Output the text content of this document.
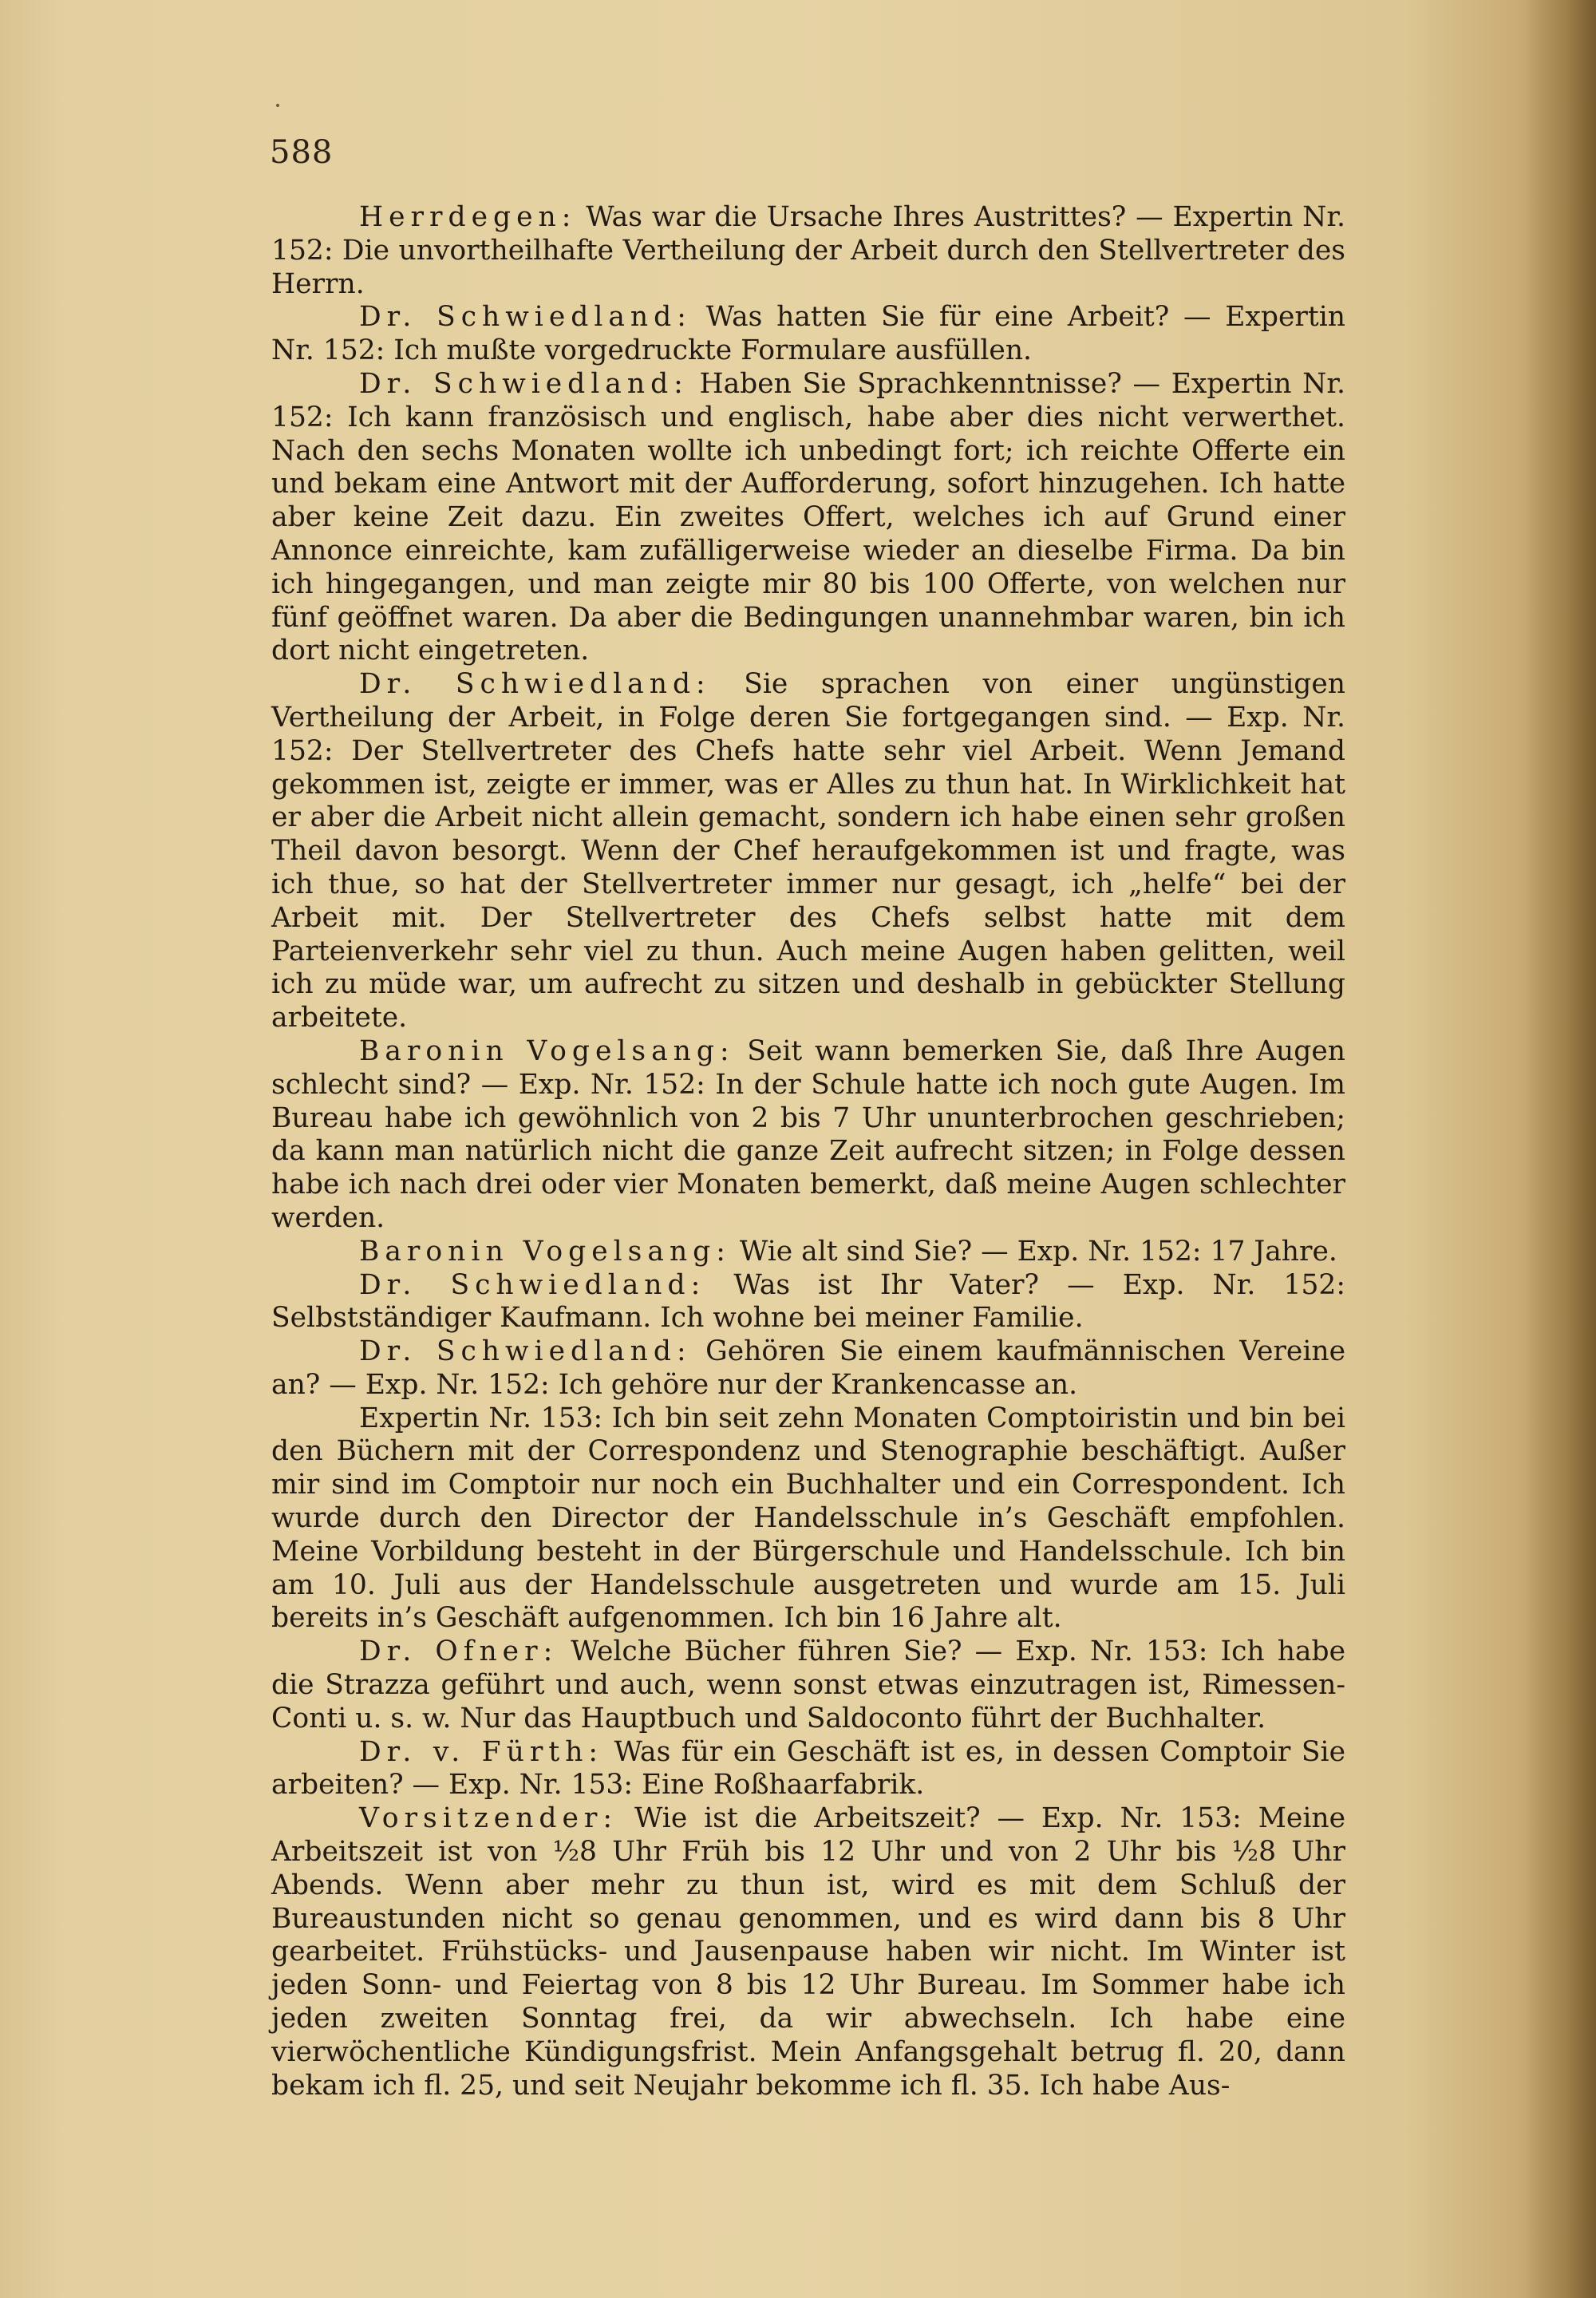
588

Herrdegen: Was war die Ursache Ihres Austrittes? — Expertin Nr. 152: Die unvortheilhafte Vertheilung der Arbeit durch den Stellvertreter des Herrn.

Dr. Schwiedland: Was hatten Sie für eine Arbeit? — Expertin Nr. 152: Ich mußte vorgedruckte Formulare ausfüllen.

Dr. Schwiedland: Haben Sie Sprachkenntnisse? — Expertin Nr. 152: Ich kann französisch und englisch, habe aber dies nicht verwerthet. Nach den sechs Monaten wollte ich unbedingt fort; ich reichte Offerte ein und bekam eine Antwort mit der Aufforderung, sofort hinzugehen. Ich hatte aber keine Zeit dazu. Ein zweites Offert, welches ich auf Grund einer Annonce einreichte, kam zufälligerweise wieder an dieselbe Firma. Da bin ich hingegangen, und man zeigte mir 80 bis 100 Offerte, von welchen nur fünf geöffnet waren. Da aber die Bedingungen unannehmbar waren, bin ich dort nicht eingetreten.

Dr. Schwiedland: Sie sprachen von einer ungünstigen Vertheilung der Arbeit, in Folge deren Sie fortgegangen sind. — Exp. Nr. 152: Der Stellvertreter des Chefs hatte sehr viel Arbeit. Wenn Jemand gekommen ist, zeigte er immer, was er Alles zu thun hat. In Wirklichkeit hat er aber die Arbeit nicht allein gemacht, sondern ich habe einen sehr großen Theil davon besorgt. Wenn der Chef heraufgekommen ist und fragte, was ich thue, so hat der Stellvertreter immer nur gesagt, ich „helfe“ bei der Arbeit mit. Der Stellvertreter des Chefs selbst hatte mit dem Parteienverkehr sehr viel zu thun. Auch meine Augen haben gelitten, weil ich zu müde war, um aufrecht zu sitzen und deshalb in gebückter Stellung arbeitete.

Baronin Vogelsang: Seit wann bemerken Sie, daß Ihre Augen schlecht sind? — Exp. Nr. 152: In der Schule hatte ich noch gute Augen. Im Bureau habe ich gewöhnlich von 2 bis 7 Uhr ununterbrochen geschrieben; da kann man natürlich nicht die ganze Zeit aufrecht sitzen; in Folge dessen habe ich nach drei oder vier Monaten bemerkt, daß meine Augen schlechter werden.

Baronin Vogelsang: Wie alt sind Sie? — Exp. Nr. 152: 17 Jahre.

Dr. Schwiedland: Was ist Ihr Vater? — Exp. Nr. 152: Selbstständiger Kaufmann. Ich wohne bei meiner Familie.

Dr. Schwiedland: Gehören Sie einem kaufmännischen Vereine an? — Exp. Nr. 152: Ich gehöre nur der Krankencasse an.

Expertin Nr. 153: Ich bin seit zehn Monaten Comptoiristin und bin bei den Büchern mit der Correspondenz und Stenographie beschäftigt. Außer mir sind im Comptoir nur noch ein Buchhalter und ein Correspondent. Ich wurde durch den Director der Handelsschule in’s Geschäft empfohlen. Meine Vorbildung besteht in der Bürgerschule und Handelsschule. Ich bin am 10. Juli aus der Handelsschule ausgetreten und wurde am 15. Juli bereits in’s Geschäft aufgenommen. Ich bin 16 Jahre alt.

Dr. Ofner: Welche Bücher führen Sie? — Exp. Nr. 153: Ich habe die Strazza geführt und auch, wenn sonst etwas einzutragen ist, Rimessen-Conti u. s. w. Nur das Hauptbuch und Saldoconto führt der Buchhalter.

Dr. v. Fürth: Was für ein Geschäft ist es, in dessen Comptoir Sie arbeiten? — Exp. Nr. 153: Eine Roßhaarfabrik.

Vorsitzender: Wie ist die Arbeitszeit? — Exp. Nr. 153: Meine Arbeitszeit ist von ½8 Uhr Früh bis 12 Uhr und von 2 Uhr bis ½8 Uhr Abends. Wenn aber mehr zu thun ist, wird es mit dem Schluß der Bureaustunden nicht so genau genommen, und es wird dann bis 8 Uhr gearbeitet. Frühstücks- und Jausenpause haben wir nicht. Im Winter ist jeden Sonn- und Feiertag von 8 bis 12 Uhr Bureau. Im Sommer habe ich jeden zweiten Sonntag frei, da wir abwechseln. Ich habe eine vierwöchentliche Kündigungsfrist. Mein Anfangsgehalt betrug fl. 20, dann bekam ich fl. 25, und seit Neujahr bekomme ich fl. 35. Ich habe Aus-
